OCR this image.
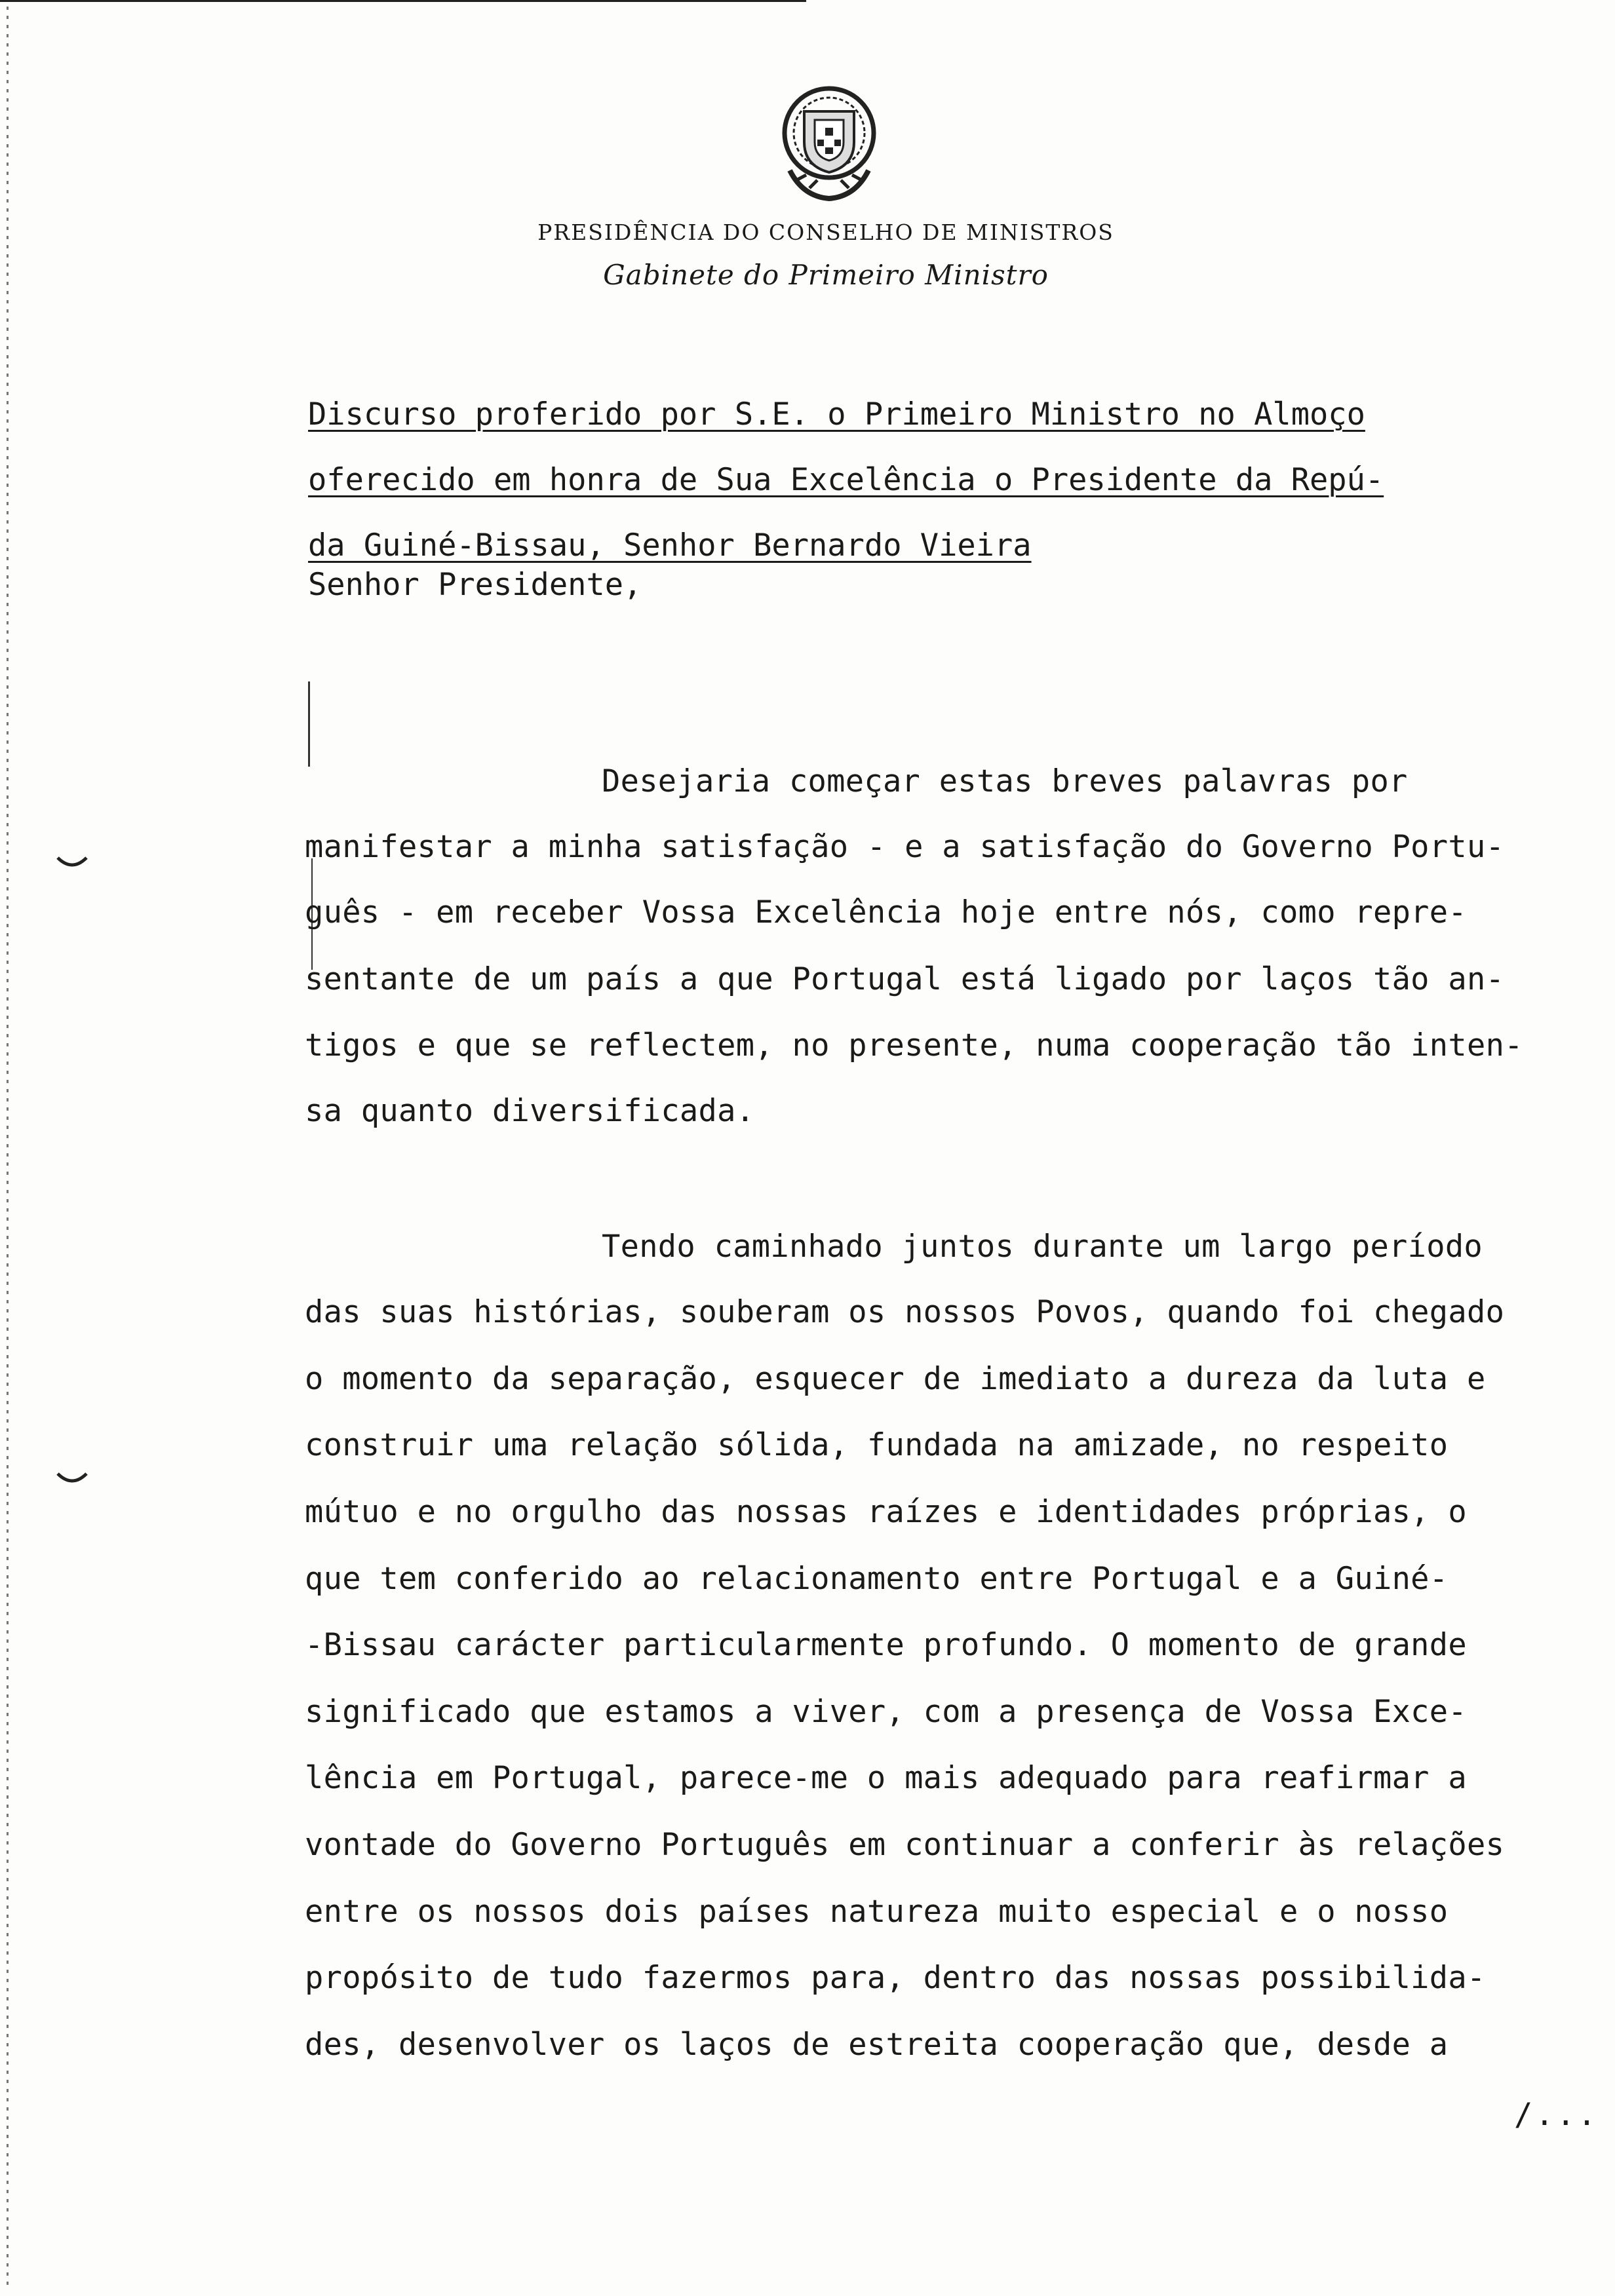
PRESIDÊNCIA DO CONSELHO DE MINISTROS
Gabinete do Primeiro Ministro
Discurso proferido por S.E. o Primeiro Ministro no Almoço
oferecido em honra de Sua Excelência o Presidente da Repú-
da Guiné-Bissau, Senhor Bernardo Vieira
Senhor Presidente,
Desejaria começar estas breves palavras por
manifestar a minha satisfação - e a satisfação do Governo Portu-
guês - em receber Vossa Excelência hoje entre nós, como repre-
sentante de um país a que Portugal está ligado por laços tão an-
tigos e que se reflectem, no presente, numa cooperação tão inten-
sa quanto diversificada.
Tendo caminhado juntos durante um largo período
das suas histórias, souberam os nossos Povos, quando foi chegado
o momento da separação, esquecer de imediato a dureza da luta e
construir uma relação sólida, fundada na amizade, no respeito
mútuo e no orgulho das nossas raízes e identidades próprias, o
que tem conferido ao relacionamento entre Portugal e a Guiné-
-Bissau carácter particularmente profundo. O momento de grande
significado que estamos a viver, com a presença de Vossa Exce-
lência em Portugal, parece-me o mais adequado para reafirmar a
vontade do Governo Português em continuar a conferir às relações
entre os nossos dois países natureza muito especial e o nosso
propósito de tudo fazermos para, dentro das nossas possibilida-
des, desenvolver os laços de estreita cooperação que, desde a
/...
